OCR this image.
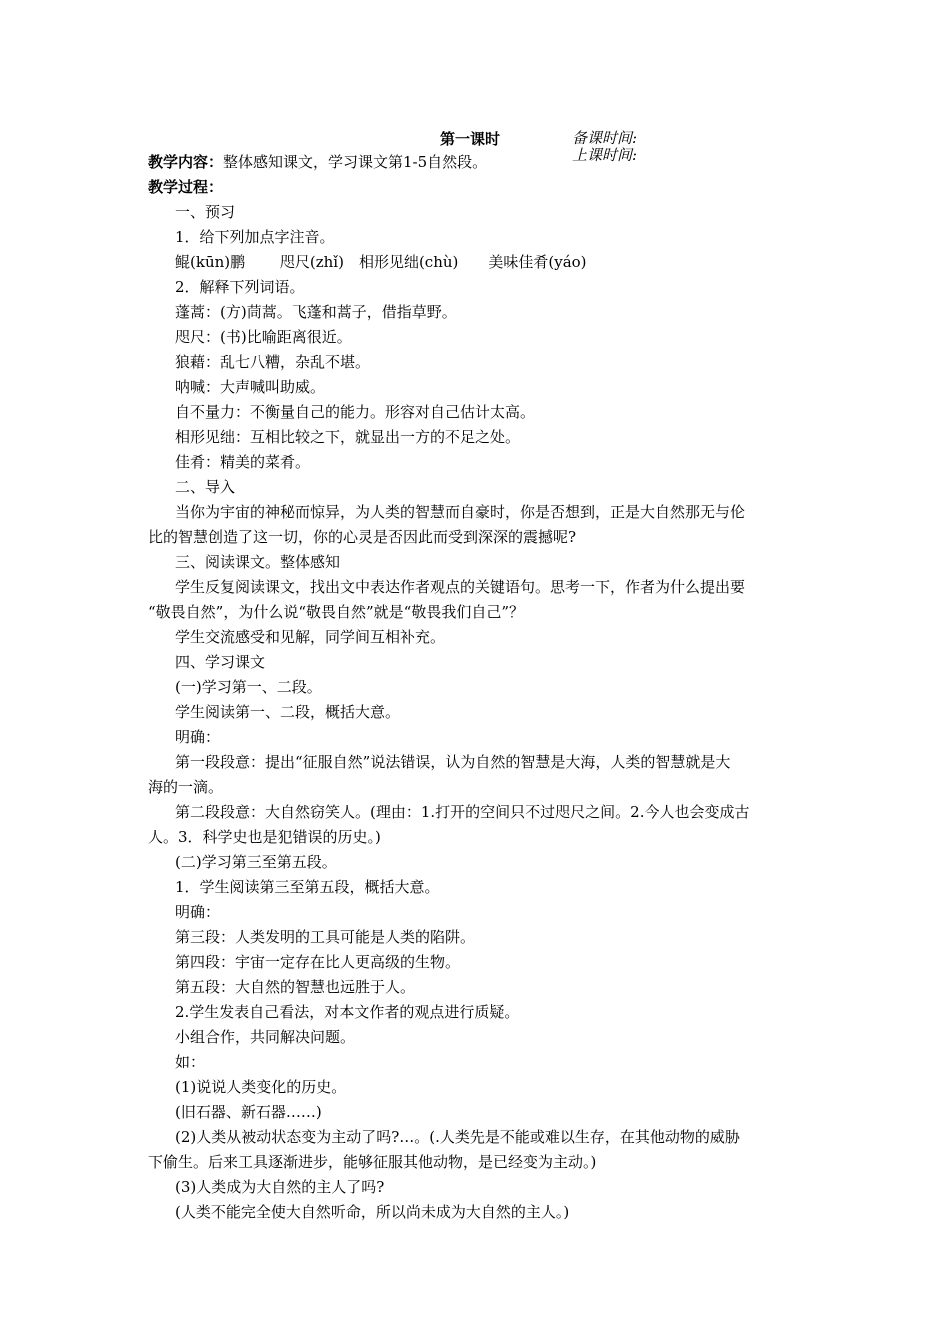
第一课时	备课时间:
上课时间:
教学内容：整体感知课文，学习课文第1-5自然段。
教学过程：
一、预习
1．给下列加点字注音。
鲲(kūn)鹏　　 咫尺(zhǐ)　相形见绌(chù)　　美味佳肴(yáo)
2．解释下列词语。
蓬蒿：(方)茼蒿。飞蓬和蒿子，借指草野。
咫尺：(书)比喻距离很近。
狼藉：乱七八糟，杂乱不堪。
呐喊：大声喊叫助威。
自不量力：不衡量自己的能力。形容对自己估计太高。
相形见绌：互相比较之下，就显出一方的不足之处。
佳肴：精美的菜肴。
二、导入
当你为宇宙的神秘而惊异，为人类的智慧而自豪时，你是否想到，正是大自然那无与伦
比的智慧创造了这一切，你的心灵是否因此而受到深深的震撼呢?
三、阅读课文。整体感知
学生反复阅读课文，找出文中表达作者观点的关键语句。思考一下，作者为什么提出要
“敬畏自然”，为什么说“敬畏自然”就是“敬畏我们自己”？
学生交流感受和见解，同学间互相补充。
四、学习课文
(一)学习第一、二段。
学生阅读第一、二段，概括大意。
明确：
第一段段意：提出“征服自然”说法错误，认为自然的智慧是大海，人类的智慧就是大
海的一滴。
第二段段意：大自然窃笑人。(理由：1.打开的空间只不过咫尺之间。2.今人也会变成古
人。3．科学史也是犯错误的历史。)
(二)学习第三至第五段。
1．学生阅读第三至第五段，概括大意。
明确：
第三段：人类发明的工具可能是人类的陷阱。
第四段：宇宙一定存在比人更高级的生物。
第五段：大自然的智慧也远胜于人。
2.学生发表自己看法，对本文作者的观点进行质疑。
小组合作，共同解决问题。
如：
(1)说说人类变化的历史。
(旧石器、新石器……)
(2)人类从被动状态变为主动了吗?…。(.人类先是不能或难以生存，在其他动物的威胁
下偷生。后来工具逐渐进步，能够征服其他动物，是已经变为主动。)
(3)人类成为大自然的主人了吗?
(人类不能完全使大自然听命，所以尚未成为大自然的主人。)
